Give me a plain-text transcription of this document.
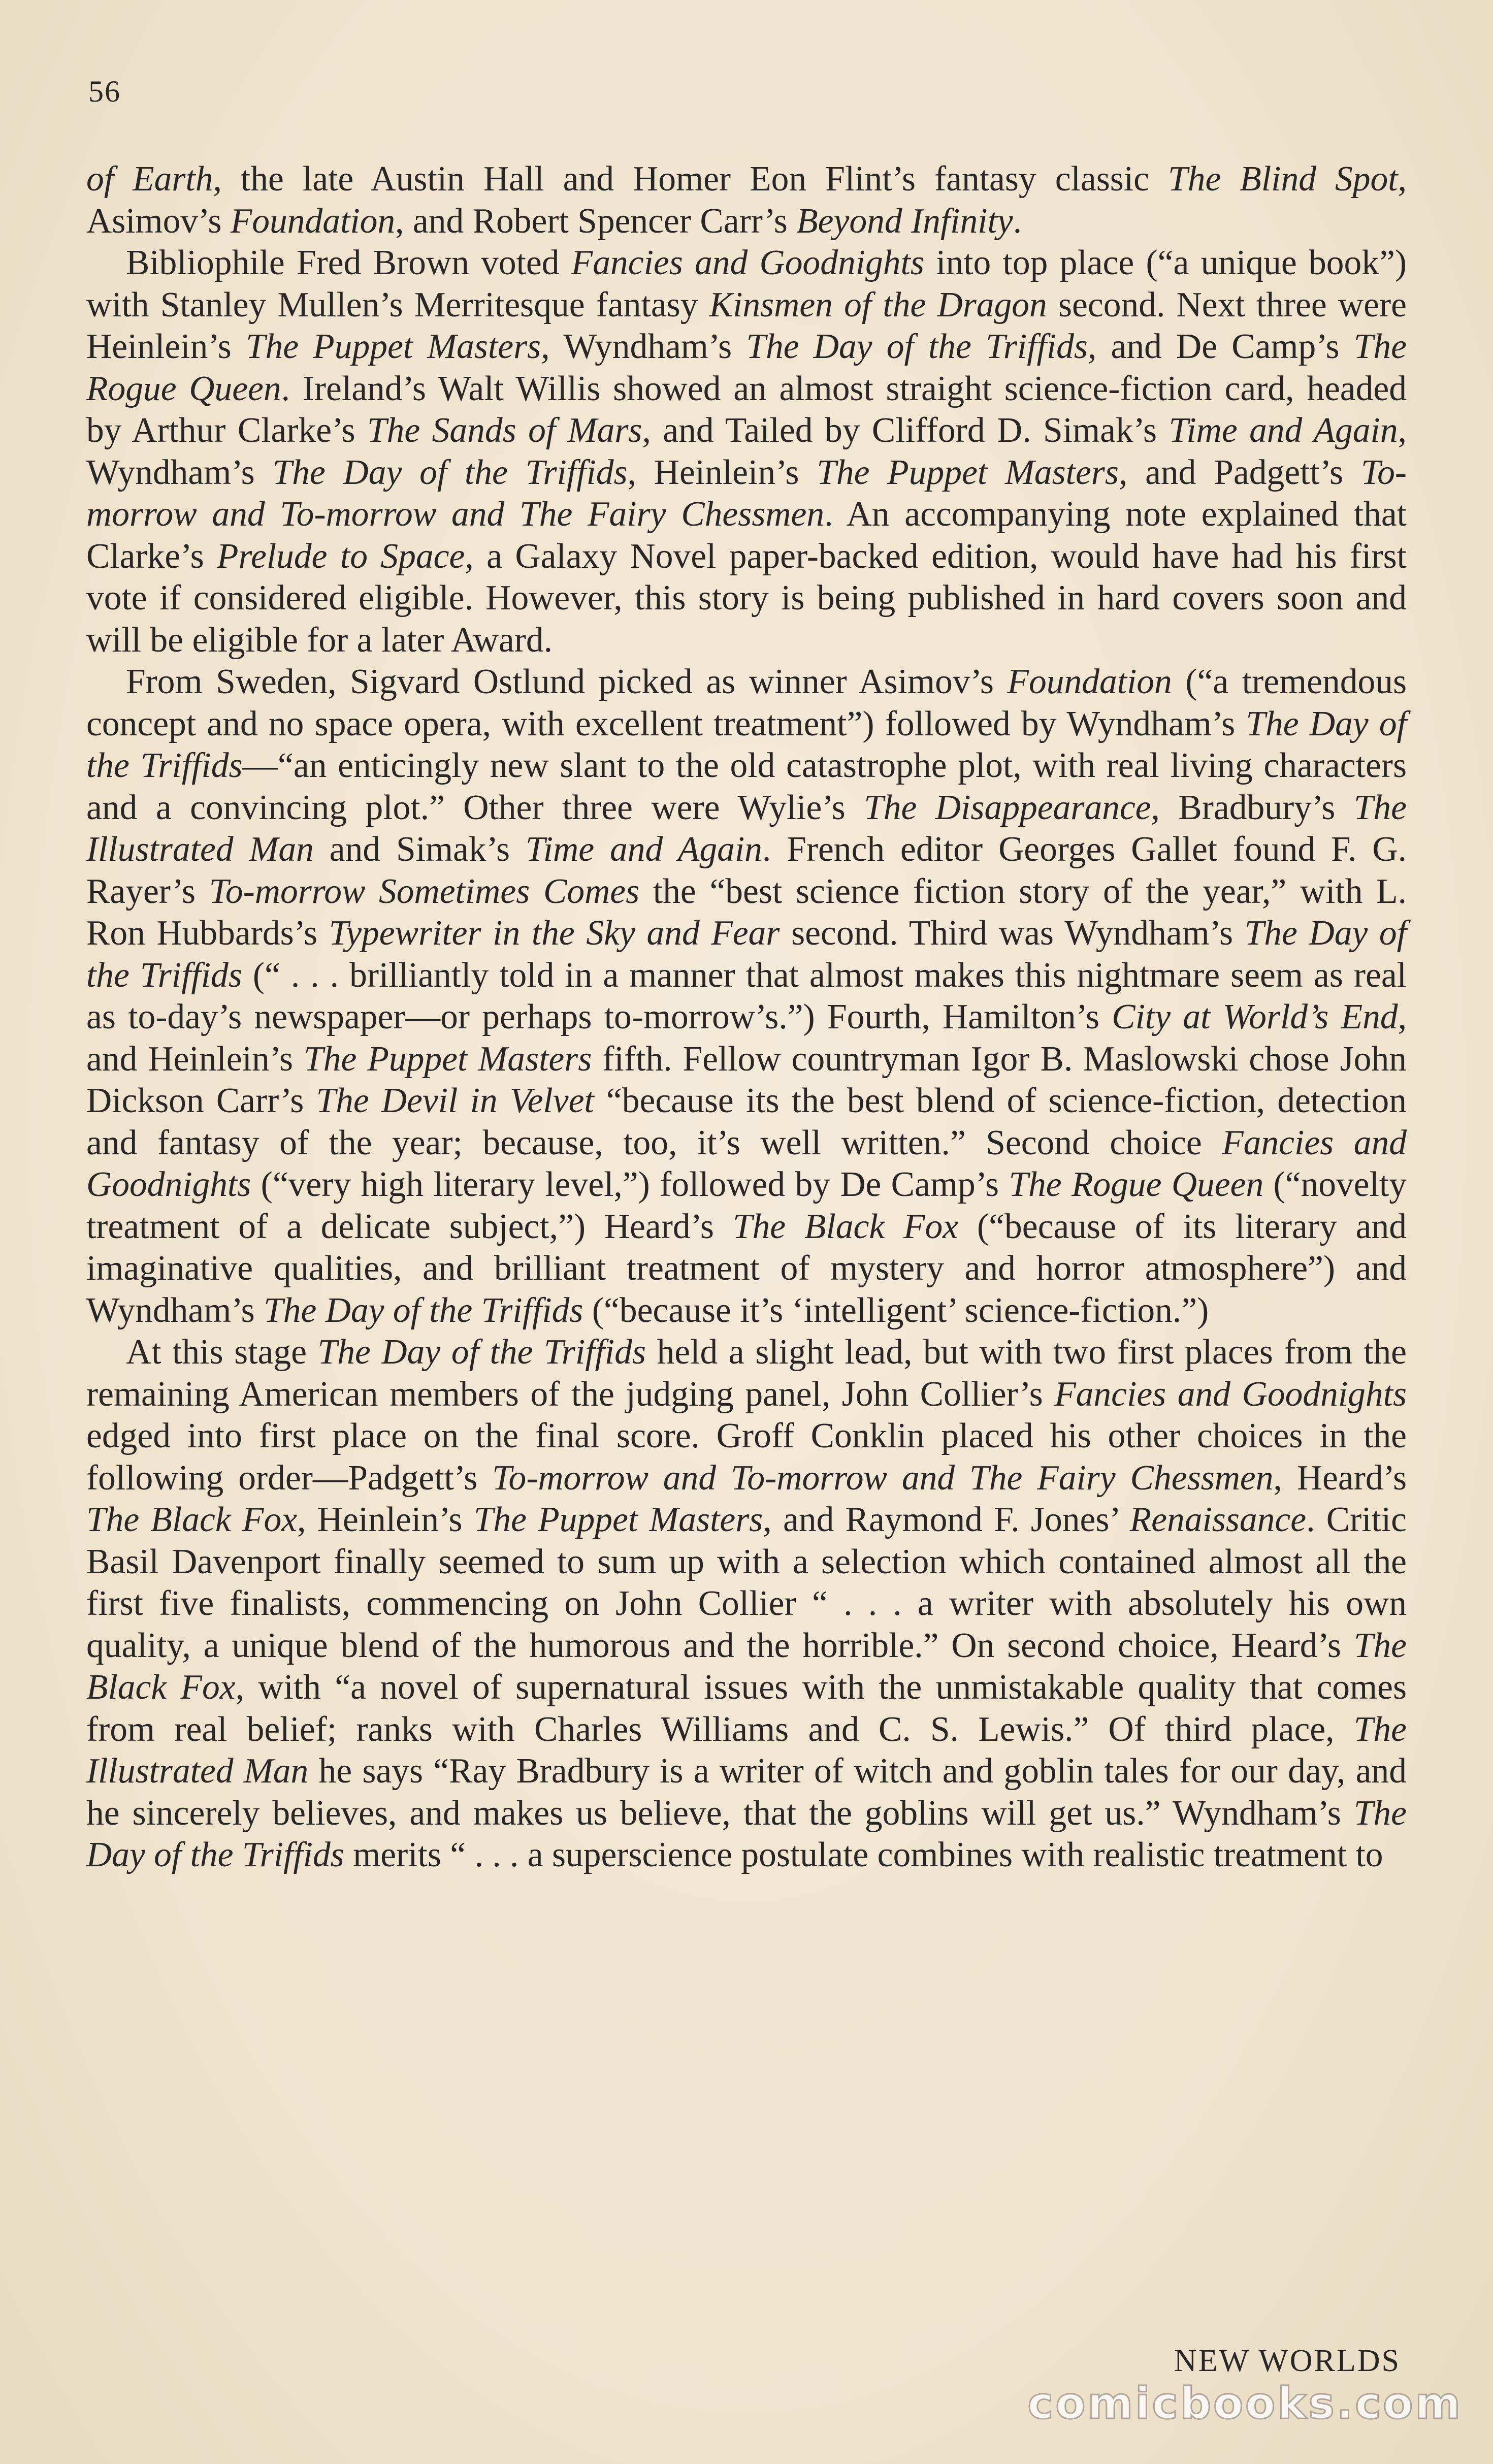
56

of Earth, the late Austin Hall and Homer Eon Flint’s fantasy classic The Blind Spot, Asimov’s Foundation, and Robert Spencer Carr’s Beyond Infinity.

Bibliophile Fred Brown voted Fancies and Goodnights into top place (“a unique book”) with Stanley Mullen’s Merritesque fantasy Kinsmen of the Dragon second. Next three were Heinlein’s The Puppet Masters, Wyndham’s The Day of the Triffids, and De Camp’s The Rogue Queen. Ireland’s Walt Willis showed an almost straight science-fiction card, headed by Arthur Clarke’s The Sands of Mars, and Tailed by Clifford D. Simak’s Time and Again, Wyndham’s The Day of the Triffids, Heinlein’s The Puppet Masters, and Padgett’s To-morrow and To-morrow and The Fairy Chessmen. An accompanying note explained that Clarke’s Prelude to Space, a Galaxy Novel paper-backed edition, would have had his first vote if considered eligible. However, this story is being published in hard covers soon and will be eligible for a later Award.

From Sweden, Sigvard Ostlund picked as winner Asimov’s Foundation (“a tremendous concept and no space opera, with excellent treatment”) followed by Wyndham’s The Day of the Triffids—“an enticingly new slant to the old catastrophe plot, with real living characters and a convincing plot.” Other three were Wylie’s The Disappearance, Bradbury’s The Illustrated Man and Simak’s Time and Again. French editor Georges Gallet found F. G. Rayer’s To-morrow Sometimes Comes the “best science fiction story of the year,” with L. Ron Hubbards’s Typewriter in the Sky and Fear second. Third was Wyndham’s The Day of the Triffids (“ . . . brilliantly told in a manner that almost makes this nightmare seem as real as to-day’s newspaper—or perhaps to-morrow’s.”) Fourth, Hamilton’s City at World’s End, and Heinlein’s The Puppet Masters fifth. Fellow countryman Igor B. Maslowski chose John Dickson Carr’s The Devil in Velvet “because its the best blend of science-fiction, detection and fantasy of the year; because, too, it’s well written.” Second choice Fancies and Goodnights (“very high literary level,”) followed by De Camp’s The Rogue Queen (“novelty treatment of a delicate subject,”) Heard’s The Black Fox (“because of its literary and imaginative qualities, and brilliant treatment of mystery and horror atmosphere”) and Wyndham’s The Day of the Triffids (“because it’s ‘intelligent’ science-fiction.”)

At this stage The Day of the Triffids held a slight lead, but with two first places from the remaining American members of the judging panel, John Collier’s Fancies and Goodnights edged into first place on the final score. Groff Conklin placed his other choices in the following order—Padgett’s To-morrow and To-morrow and The Fairy Chessmen, Heard’s The Black Fox, Heinlein’s The Puppet Masters, and Raymond F. Jones’ Renaissance. Critic Basil Davenport finally seemed to sum up with a selection which contained almost all the first five finalists, commencing on John Collier “ . . . a writer with absolutely his own quality, a unique blend of the humorous and the horrible.” On second choice, Heard’s The Black Fox, with “a novel of supernatural issues with the unmistakable quality that comes from real belief; ranks with Charles Williams and C. S. Lewis.” Of third place, The Illustrated Man he says “Ray Bradbury is a writer of witch and goblin tales for our day, and he sincerely believes, and makes us believe, that the goblins will get us.” Wyndham’s The Day of the Triffids merits “ . . . a superscience postulate combines with realistic treatment to

NEW WORLDS
comicbooks.com
